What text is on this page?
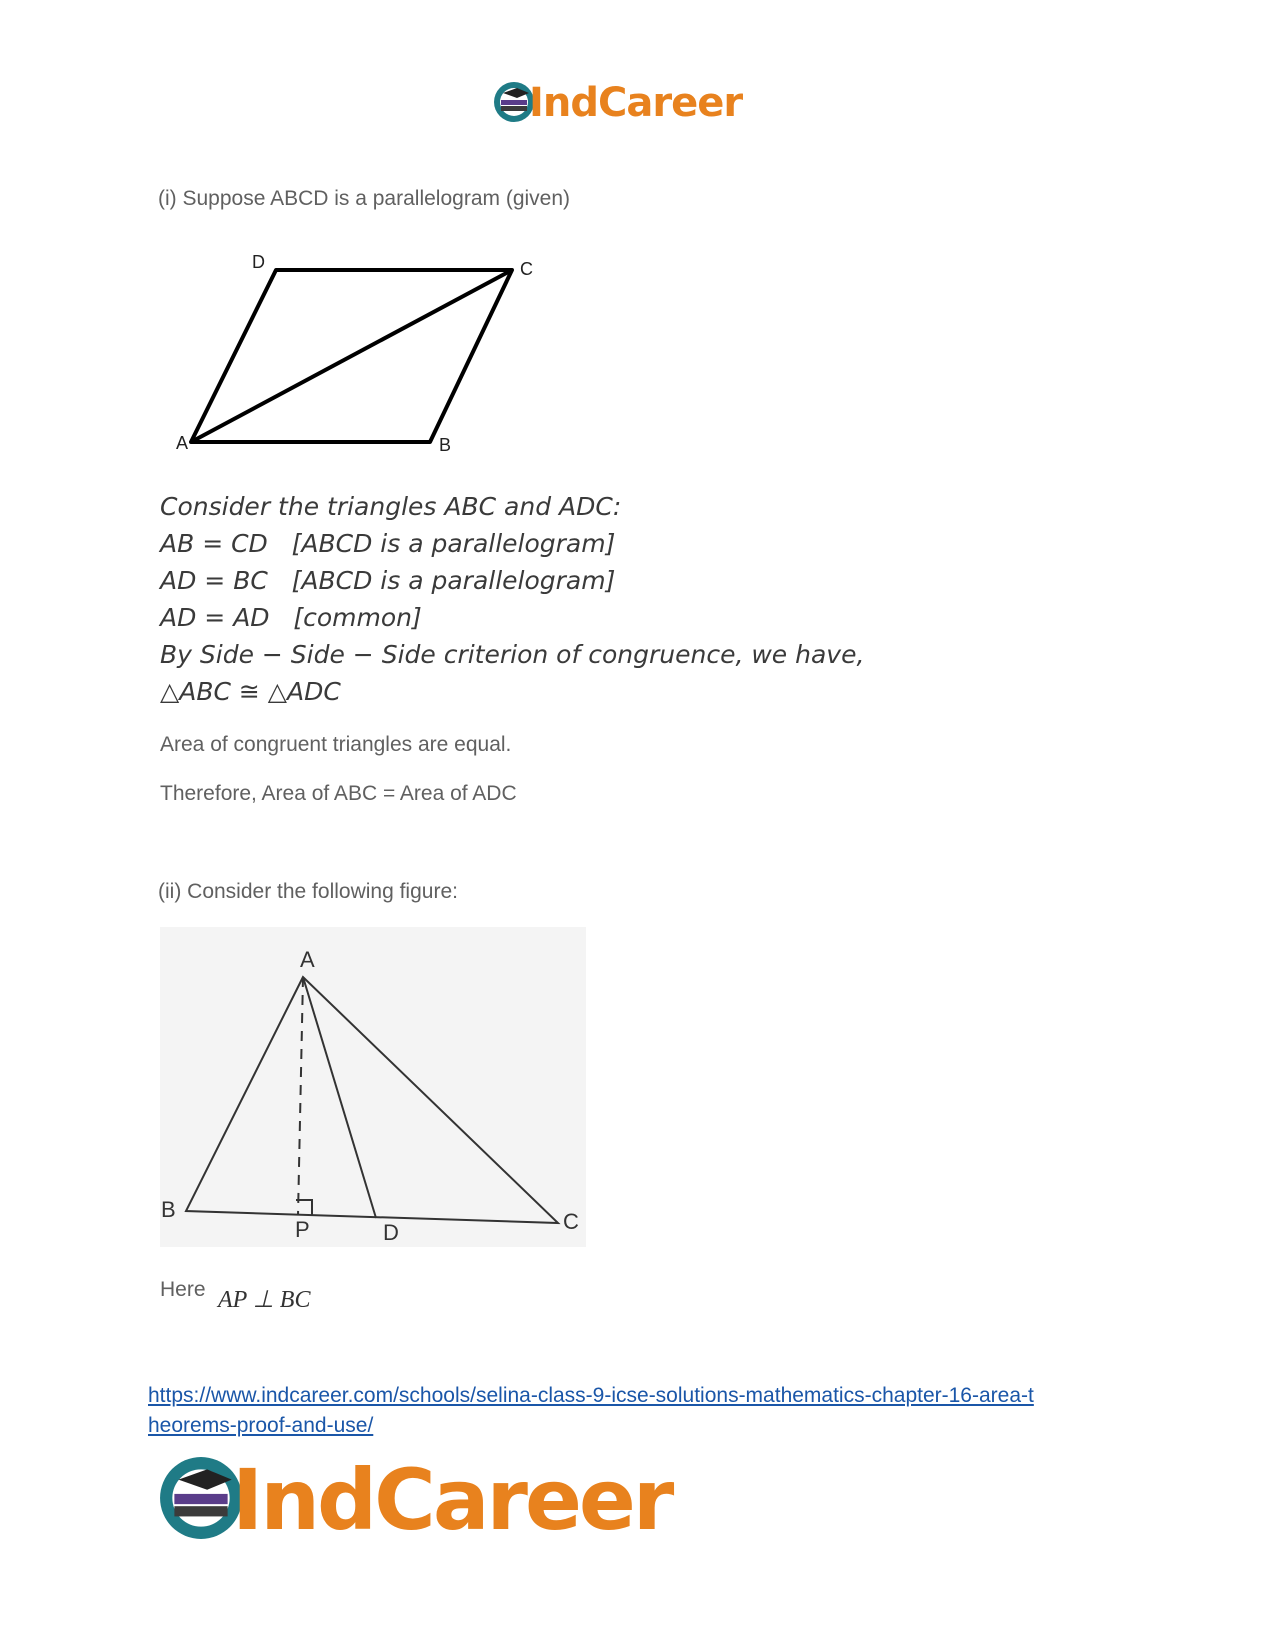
IndCareer
(i) Suppose ABCD is a parallelogram (given)
A	B
C
D
Consider the triangles ABC and ADC:
AB = CD   [ABCD is a parallelogram]
AD = BC   [ABCD is a parallelogram]
AD = AD   [common]
By Side − Side − Side criterion of congruence, we have,
△ABC ≅ △ADC
Area of congruent triangles are equal.
Therefore, Area of ABC = Area of ADC
(ii) Consider the following figure:
A
B	C
D
P
Here AP ⊥ BC
https://www.indcareer.com/schools/selina-class-9-icse-solutions-mathematics-chapter-16-area-t
heorems-proof-and-use/
IndCareer
